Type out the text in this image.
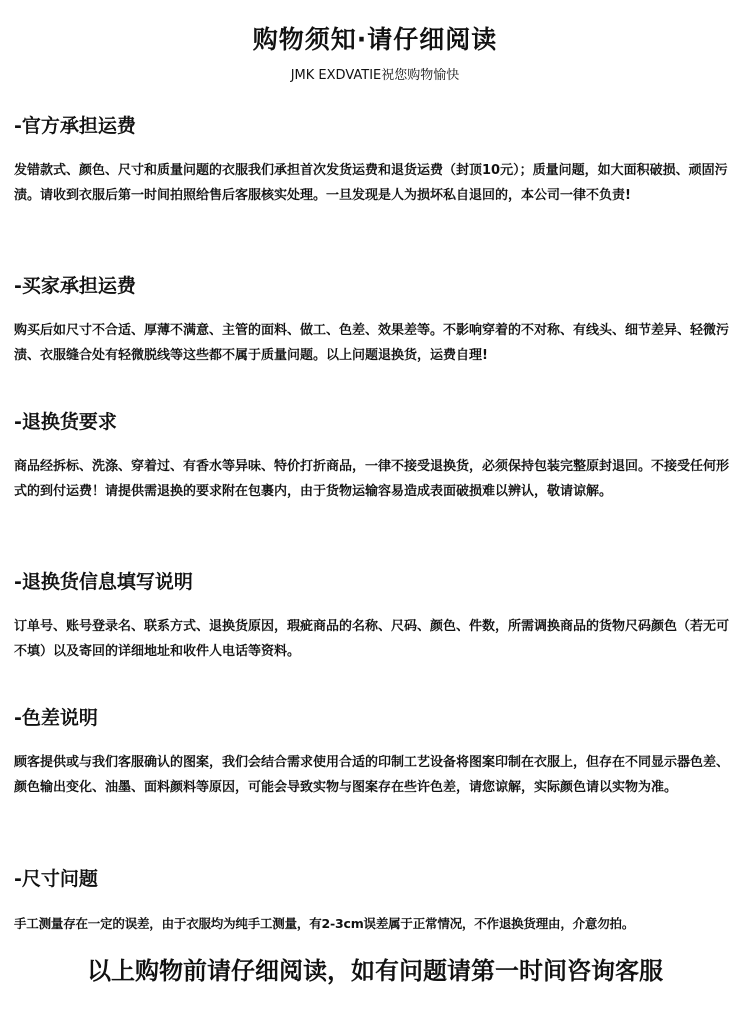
购物须知·请仔细阅读
JMK EXDVATIE祝您购物愉快
-官方承担运费

发错款式、颜色、尺寸和质量问题的衣服我们承担首次发货运费和退货运费（封顶10元）；质量问题，如大面积破损、顽固污渍。请收到衣服后第一时间拍照给售后客服核实处理。一旦发现是人为损坏私自退回的，本公司一律不负责!

-买家承担运费

购买后如尺寸不合适、厚薄不满意、主管的面料、做工、色差、效果差等。不影响穿着的不对称、有线头、细节差异、轻微污渍、衣服缝合处有轻微脱线等这些都不属于质量问题。以上问题退换货，运费自理!

-退换货要求

商品经拆标、洗涤、穿着过、有香水等异味、特价打折商品，一律不接受退换货，必须保持包装完整原封退回。不接受任何形式的到付运费！请提供需退换的要求附在包裹内，由于货物运输容易造成表面破损难以辨认，敬请谅解。

-退换货信息填写说明

订单号、账号登录名、联系方式、退换货原因，瑕疵商品的名称、尺码、颜色、件数，所需调换商品的货物尺码颜色（若无可不填）以及寄回的详细地址和收件人电话等资料。

-色差说明

顾客提供或与我们客服确认的图案，我们会结合需求使用合适的印制工艺设备将图案印制在衣服上，但存在不同显示器色差、颜色输出变化、油墨、面料颜料等原因，可能会导致实物与图案存在些许色差，请您谅解，实际颜色请以实物为准。

-尺寸问题

手工测量存在一定的误差，由于衣服均为纯手工测量，有2-3cm误差属于正常情况，不作退换货理由，介意勿拍。

以上购物前请仔细阅读，如有问题请第一时间咨询客服
